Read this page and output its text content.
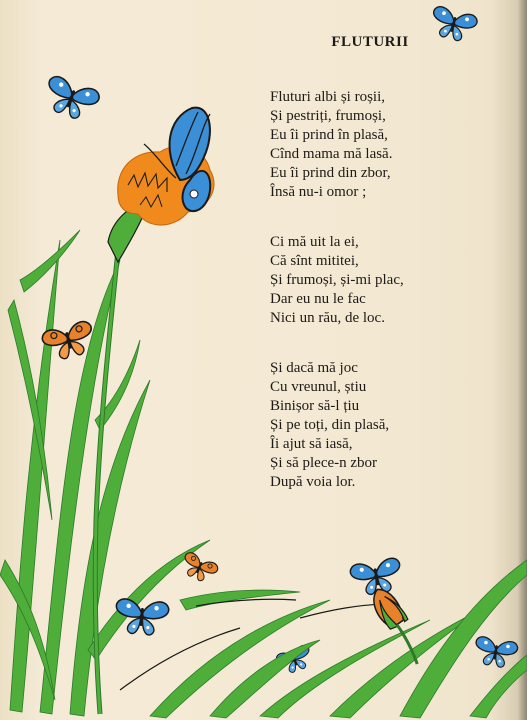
FLUTURII
Fluturi albi și roșii,
Și pestriți, frumoși,
Eu îi prind în plasă,
Cînd mama mă lasă.
Eu îi prind din zbor,
Însă nu-i omor ;
Ci mă uit la ei,
Că sînt mititei,
Și frumoși, și-mi plac,
Dar eu nu le fac
Nici un rău, de loc.
Și dacă mă joc
Cu vreunul, știu
Binișor să-l țiu
Și pe toți, din plasă,
Îi ajut să iasă,
Și să plece-n zbor
După voia lor.
